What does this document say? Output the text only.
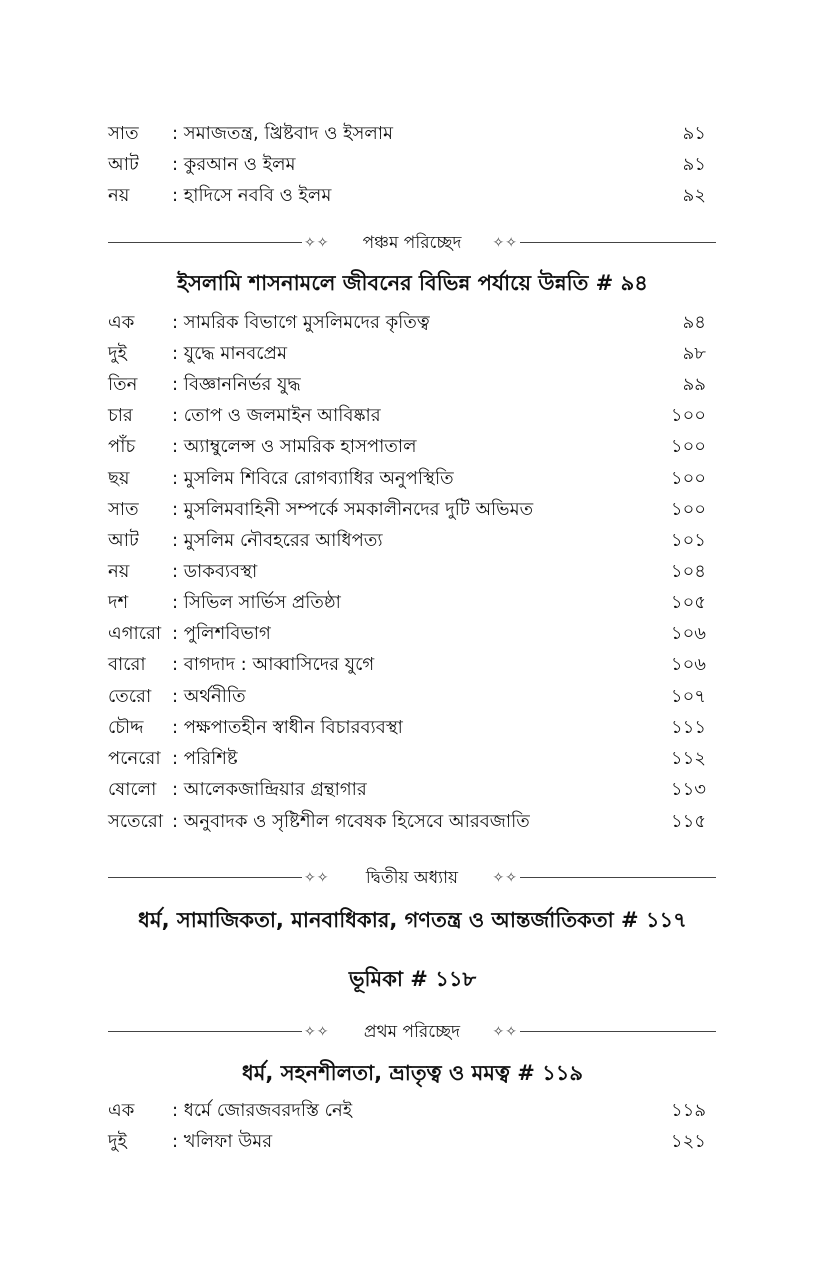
সাত	: সমাজতন্ত্র, খ্রিষ্টবাদ ও ইসলাম	৯১
আট	: কুরআন ও ইলম	৯১
নয়	: হাদিসে নববি ও ইলম	৯২
✧✧	পঞ্চম পরিচ্ছেদ	✧✧
ইসলামি শাসনামলে জীবনের বিভিন্ন পর্যায়ে উন্নতি # ৯৪
এক	: সামরিক বিভাগে মুসলিমদের কৃতিত্ব	৯৪
দুই	: যুদ্ধে মানবপ্রেম	৯৮
তিন	: বিজ্ঞাননির্ভর যুদ্ধ	৯৯
চার	: তোপ ও জলমাইন আবিষ্কার	১০০
পাঁচ	: অ্যাম্বুলেন্স ও সামরিক হাসপাতাল	১০০
ছয়	: মুসলিম শিবিরে রোগব্যাধির অনুপস্থিতি	১০০
সাত	: মুসলিমবাহিনী সম্পর্কে সমকালীনদের দুটি অভিমত	১০০
আট	: মুসলিম নৌবহরের আধিপত্য	১০১
নয়	: ডাকব্যবস্থা	১০৪
দশ	: সিভিল সার্ভিস প্রতিষ্ঠা	১০৫
এগারো	: পুলিশবিভাগ	১০৬
বারো	: বাগদাদ : আব্বাসিদের যুগে	১০৬
তেরো	: অর্থনীতি	১০৭
চৌদ্দ	: পক্ষপাতহীন স্বাধীন বিচারব্যবস্থা	১১১
পনেরো	: পরিশিষ্ট	১১২
ষোলো	: আলেকজান্দ্রিয়ার গ্রন্থাগার	১১৩
সতেরো	: অনুবাদক ও সৃষ্টিশীল গবেষক হিসেবে আরবজাতি	১১৫
✧✧	দ্বিতীয় অধ্যায়	✧✧
ধর্ম, সামাজিকতা, মানবাধিকার, গণতন্ত্র ও আন্তর্জাতিকতা # ১১৭
ভূমিকা # ১১৮
✧✧	প্রথম পরিচ্ছেদ	✧✧
ধর্ম, সহনশীলতা, ভ্রাতৃত্ব ও মমত্ব # ১১৯
এক	: ধর্মে জোরজবরদস্তি নেই	১১৯
দুই	: খলিফা উমর	১২১
